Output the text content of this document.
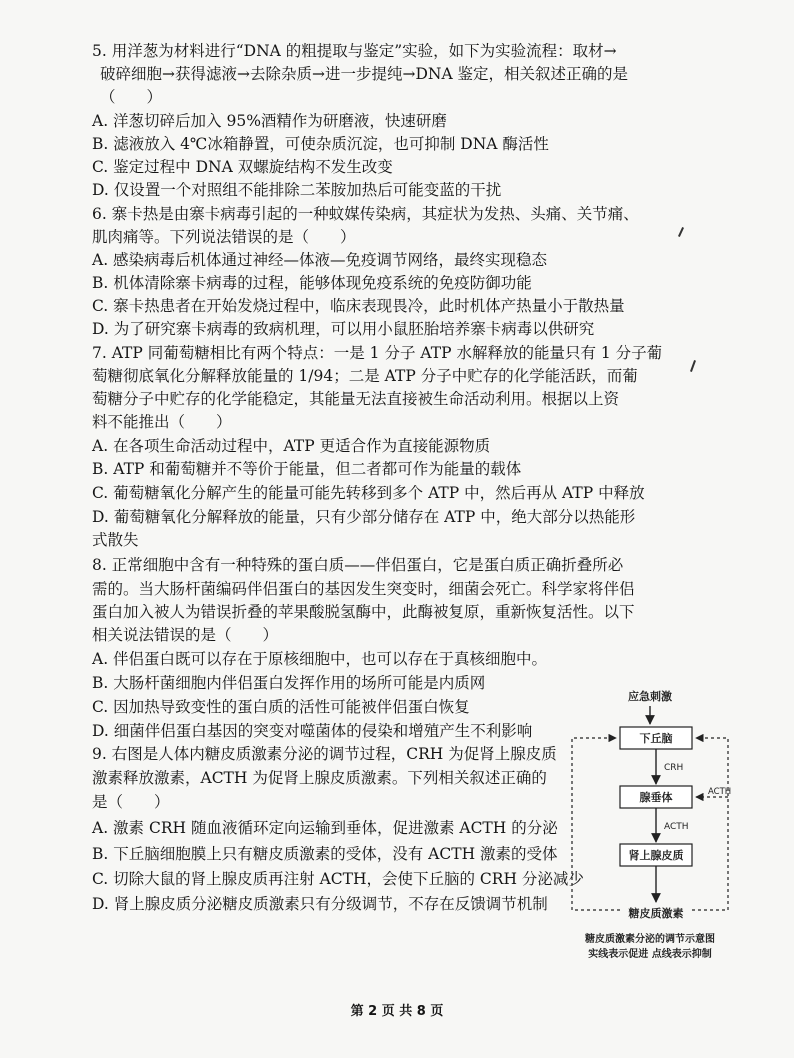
5. 用洋葱为材料进行“DNA 的粗提取与鉴定”实验，如下为实验流程：取材→
破碎细胞→获得滤液→去除杂质→进一步提纯→DNA 鉴定，相关叙述正确的是
（　　）
A. 洋葱切碎后加入 95%酒精作为研磨液，快速研磨
B. 滤液放入 4℃冰箱静置，可使杂质沉淀，也可抑制 DNA 酶活性
C. 鉴定过程中 DNA 双螺旋结构不发生改变
D. 仅设置一个对照组不能排除二苯胺加热后可能变蓝的干扰
6. 寨卡热是由寨卡病毒引起的一种蚊媒传染病，其症状为发热、头痛、关节痛、
肌肉痛等。下列说法错误的是（　　）
A. 感染病毒后机体通过神经—体液—免疫调节网络，最终实现稳态
B. 机体清除寨卡病毒的过程，能够体现免疫系统的免疫防御功能
C. 寨卡热患者在开始发烧过程中，临床表现畏冷，此时机体产热量小于散热量
D. 为了研究寨卡病毒的致病机理，可以用小鼠胚胎培养寨卡病毒以供研究
7. ATP 同葡萄糖相比有两个特点：一是 1 分子 ATP 水解释放的能量只有 1 分子葡
萄糖彻底氧化分解释放能量的 1/94；二是 ATP 分子中贮存的化学能活跃，而葡
萄糖分子中贮存的化学能稳定，其能量无法直接被生命活动利用。根据以上资
料不能推出（　　）
A. 在各项生命活动过程中，ATP 更适合作为直接能源物质
B. ATP 和葡萄糖并不等价于能量，但二者都可作为能量的载体
C. 葡萄糖氧化分解产生的能量可能先转移到多个 ATP 中，然后再从 ATP 中释放
D. 葡萄糖氧化分解释放的能量，只有少部分储存在 ATP 中，绝大部分以热能形
式散失
8. 正常细胞中含有一种特殊的蛋白质——伴侣蛋白，它是蛋白质正确折叠所必
需的。当大肠杆菌编码伴侣蛋白的基因发生突变时，细菌会死亡。科学家将伴侣
蛋白加入被人为错误折叠的苹果酸脱氢酶中，此酶被复原，重新恢复活性。以下
相关说法错误的是（　　）
A. 伴侣蛋白既可以存在于原核细胞中，也可以存在于真核细胞中。
B. 大肠杆菌细胞内伴侣蛋白发挥作用的场所可能是内质网
C. 因加热导致变性的蛋白质的活性可能被伴侣蛋白恢复
D. 细菌伴侣蛋白基因的突变对噬菌体的侵染和增殖产生不利影响
9. 右图是人体内糖皮质激素分泌的调节过程，CRH 为促肾上腺皮质
激素释放激素，ACTH 为促肾上腺皮质激素。下列相关叙述正确的
是（　　）
A. 激素 CRH 随血液循环定向运输到垂体，促进激素 ACTH 的分泌
B. 下丘脑细胞膜上只有糖皮质激素的受体，没有 ACTH 激素的受体
C. 切除大鼠的肾上腺皮质再注射 ACTH，会使下丘脑的 CRH 分泌减少
D. 肾上腺皮质分泌糖皮质激素只有分级调节，不存在反馈调节机制
应急刺激
下丘脑
CRH
腺垂体
ACTH
肾上腺皮质
糖皮质激素
ACTH
糖皮质激素分泌的调节示意图
实线表示促进 点线表示抑制
第 2 页 共 8 页
